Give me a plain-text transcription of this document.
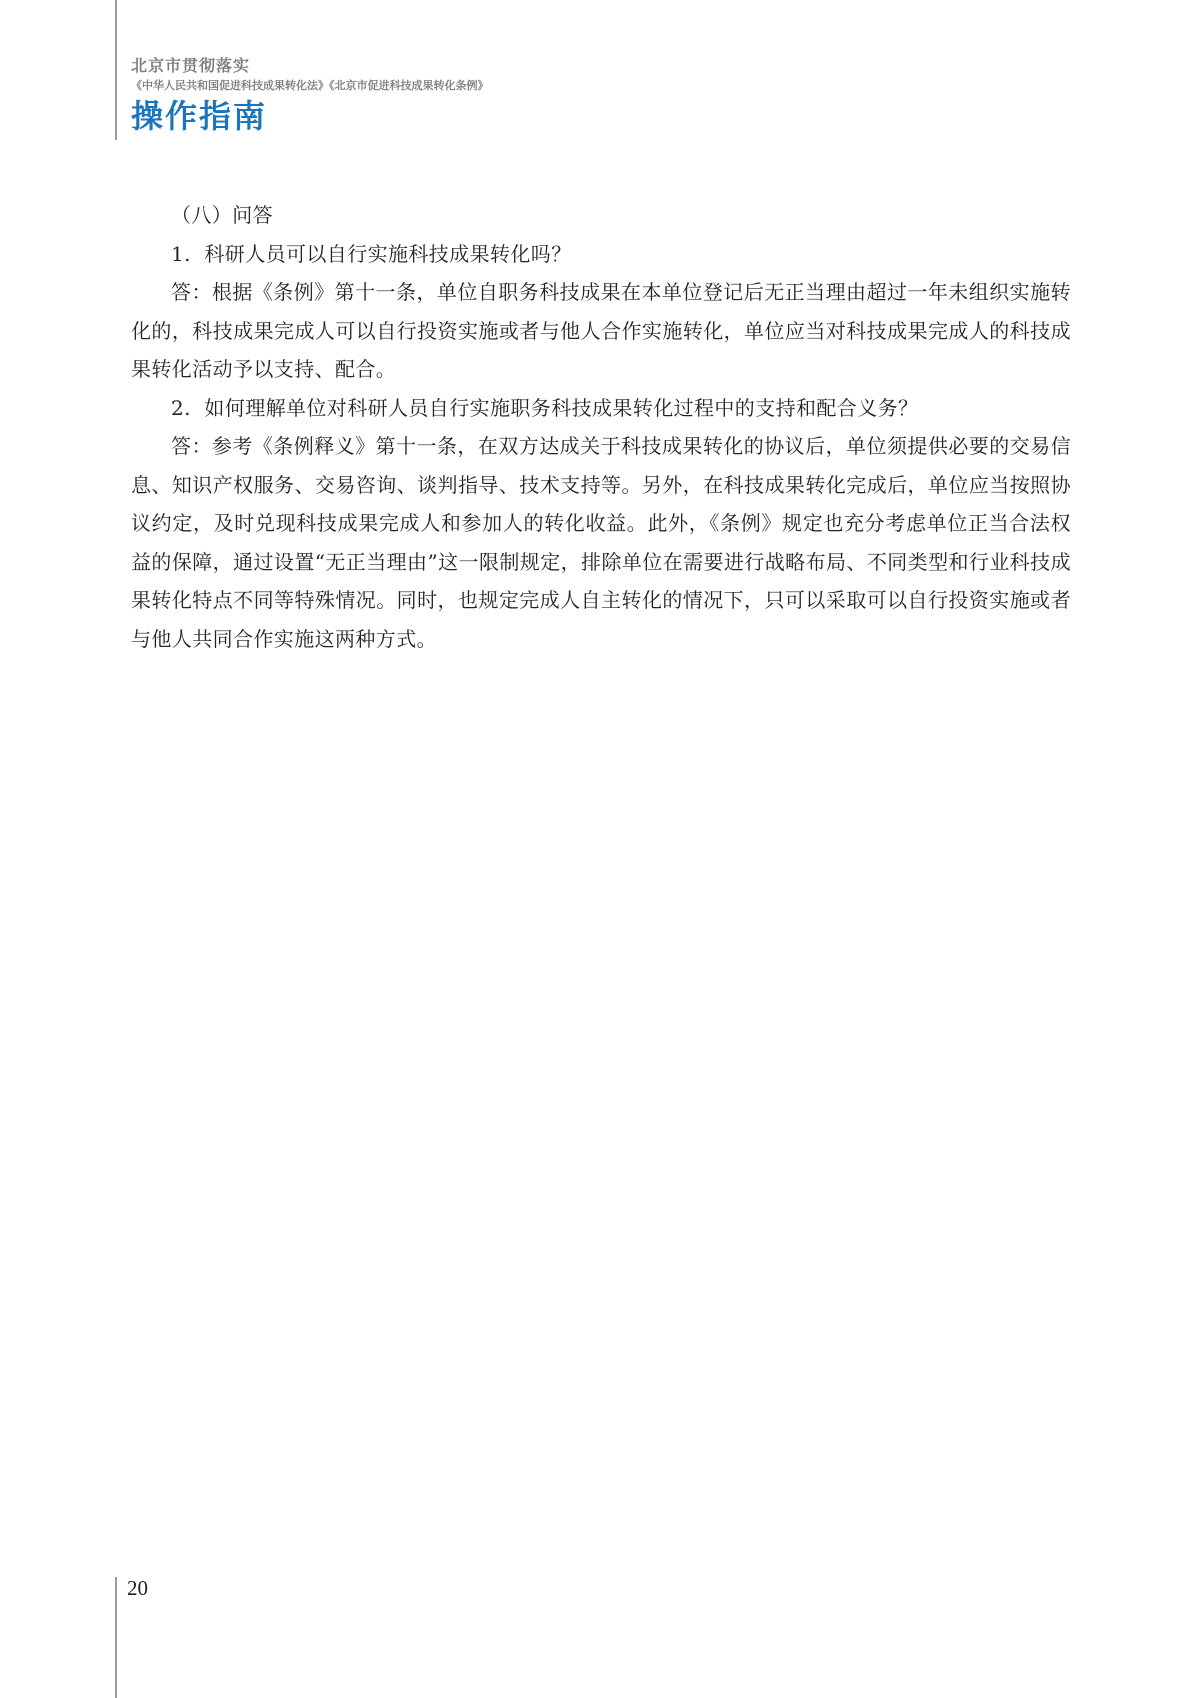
北京市贯彻落实
《中华人民共和国促进科技成果转化法》《北京市促进科技成果转化条例》
操作指南

（八）问答

1.  科研人员可以自行实施科技成果转化吗？

答：根据《条例》第十一条，单位自职务科技成果在本单位登记后无正当理由超过一年未组织实施转化的，科技成果完成人可以自行投资实施或者与他人合作实施转化，单位应当对科技成果完成人的科技成果转化活动予以支持、配合。

2.  如何理解单位对科研人员自行实施职务科技成果转化过程中的支持和配合义务？

答：参考《条例释义》第十一条，在双方达成关于科技成果转化的协议后，单位须提供必要的交易信息、知识产权服务、交易咨询、谈判指导、技术支持等。另外，在科技成果转化完成后，单位应当按照协议约定，及时兑现科技成果完成人和参加人的转化收益。此外，《条例》规定也充分考虑单位正当合法权益的保障，通过设置“无正当理由”这一限制规定，排除单位在需要进行战略布局、不同类型和行业科技成果转化特点不同等特殊情况。同时，也规定完成人自主转化的情况下，只可以采取可以自行投资实施或者与他人共同合作实施这两种方式。

20
